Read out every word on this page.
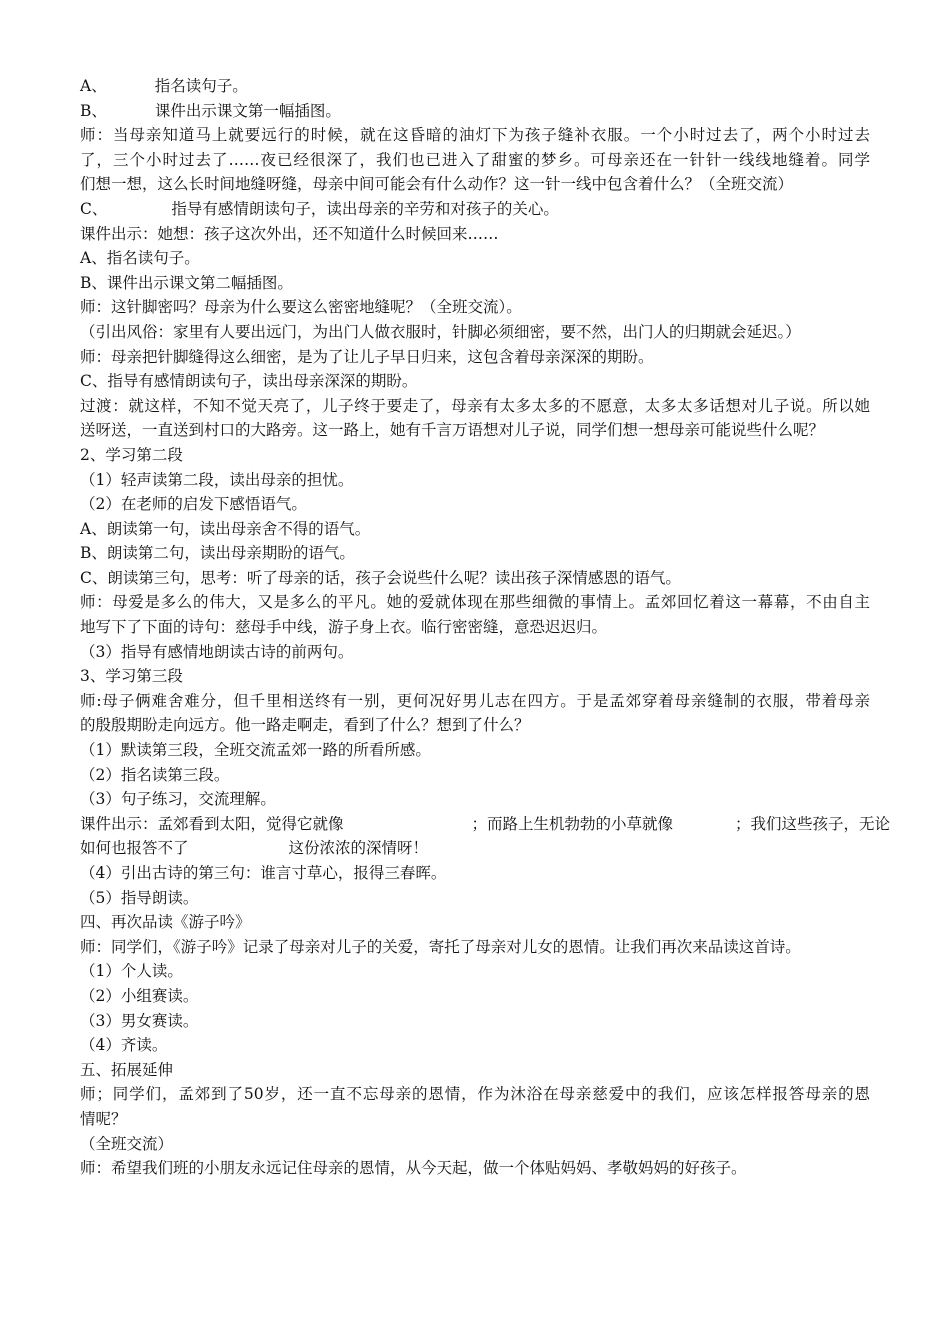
A、	指名读句子。
B、	课件出示课文第一幅插图。
师：当母亲知道马上就要远行的时候，就在这昏暗的油灯下为孩子缝补衣服。一个小时过去了，两个小时过去
了，三个小时过去了……夜已经很深了，我们也已进入了甜蜜的梦乡。可母亲还在一针针一线线地缝着。同学
们想一想，这么长时间地缝呀缝，母亲中间可能会有什么动作？这一针一线中包含着什么？（全班交流）
C、	指导有感情朗读句子，读出母亲的辛劳和对孩子的关心。
课件出示：她想：孩子这次外出，还不知道什么时候回来……
A、指名读句子。
B、课件出示课文第二幅插图。
师：这针脚密吗？母亲为什么要这么密密地缝呢？（全班交流）。
（引出风俗：家里有人要出远门，为出门人做衣服时，针脚必须细密，要不然，出门人的归期就会延迟。）
师：母亲把针脚缝得这么细密，是为了让儿子早日归来，这包含着母亲深深的期盼。
C、指导有感情朗读句子，读出母亲深深的期盼。
过渡：就这样，不知不觉天亮了，儿子终于要走了，母亲有太多太多的不愿意，太多太多话想对儿子说。所以她
送呀送，一直送到村口的大路旁。这一路上，她有千言万语想对儿子说，同学们想一想母亲可能说些什么呢？
2、学习第二段
（1）轻声读第二段，读出母亲的担忧。
（2）在老师的启发下感悟语气。
A、朗读第一句，读出母亲舍不得的语气。
B、朗读第二句，读出母亲期盼的语气。
C、朗读第三句，思考：听了母亲的话，孩子会说些什么呢？读出孩子深情感恩的语气。
师：母爱是多么的伟大，又是多么的平凡。她的爱就体现在那些细微的事情上。孟郊回忆着这一幕幕，不由自主
地写下了下面的诗句：慈母手中线，游子身上衣。临行密密缝，意恐迟迟归。
（3）指导有感情地朗读古诗的前两句。
3、学习第三段
师:母子俩难舍难分，但千里相送终有一别，更何况好男儿志在四方。于是孟郊穿着母亲缝制的衣服，带着母亲
的殷殷期盼走向远方。他一路走啊走，看到了什么？想到了什么？
（1）默读第三段，全班交流孟郊一路的所看所感。
（2）指名读第三段。
（3）句子练习，交流理解。
课件出示：孟郊看到太阳，觉得它就像	；而路上生机勃勃的小草就像	；我们这些孩子，无论
如何也报答不了	这份浓浓的深情呀！
（4）引出古诗的第三句：谁言寸草心，报得三春晖。
（5）指导朗读。
四、再次品读《游子吟》
师：同学们，《游子吟》记录了母亲对儿子的关爱，寄托了母亲对儿女的恩情。让我们再次来品读这首诗。
（1）个人读。
（2）小组赛读。
（3）男女赛读。
（4）齐读。
五、拓展延伸
师；同学们，孟郊到了50岁，还一直不忘母亲的恩情，作为沐浴在母亲慈爱中的我们，应该怎样报答母亲的恩
情呢？
（全班交流）
师：希望我们班的小朋友永远记住母亲的恩情，从今天起，做一个体贴妈妈、孝敬妈妈的好孩子。
